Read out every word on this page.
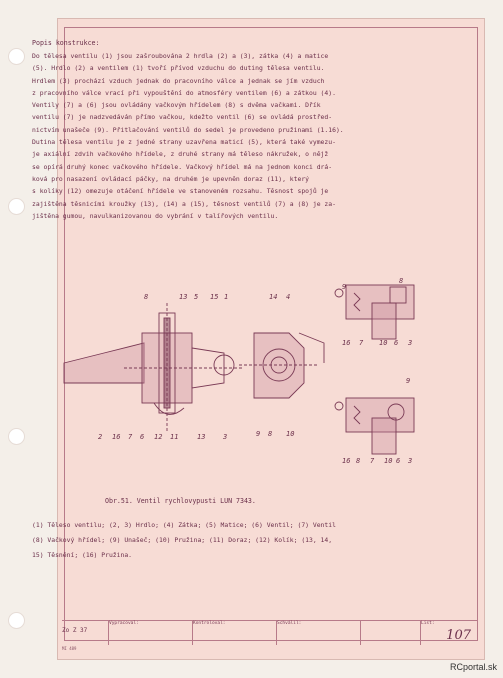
Popis konstrukce:
Do tělesa ventilu (1) jsou zašroubována 2 hrdla (2) a (3), zátka (4) a matice
(5). Hrdlo (2) a ventilem (1) tvoří přívod vzduchu do duting tělesa ventilu.
Hrdlem (3) prochází vzduch jednak do pracovního válce a jednak se jím vzduch
z pracovního válce vrací při vypouštění do atmosféry ventilem (6) a zátkou (4).
Ventily (7) a (6) jsou ovládány vačkovým hřídelem (8) s dvěma vačkami. Dřík
ventilu (7) je nadzvedáván přímo vačkou, kdežto ventil (6) se ovládá prostřed-
nictvím unašeče (9). Přitlačování ventilů do sedel je provedeno pružinami (1.16).
Dutina tělesa ventilu je z jedné strany uzavřena maticí (5), která také vymezu-
je axiální zdvih vačkového hřídele, z druhé strany má těleso nákružek, o nějž
se opírá druhý konec vačkového hřídele. Vačkový hřídel má na jednom konci drá-
ková pro nasazení ovládací páčky, na druhém je upevněn doraz (11), který
s kolíky (12) omezuje otáčení hřídele ve stanoveném rozsahu. Těsnost spojů je
zajištěna těsnicími kroužky (13), (14) a (15), těsnost ventilů (7) a (8) je za-
jištěna gumou, navulkanizovanou do vybrání v talířových ventilu.
8	13 5 15 1	14 4
2 16 7 6 12 11	13	3	9 8 10
9
8
16 7 10 6 3
9
16 8 7 10 6 3
Obr.51. Ventil rychlovypusti LUN 7343.
(1) Těleso ventilu; (2, 3) Hrdlo; (4) Zátka; (5) Matice; (6) Ventil; (7) Ventil
(8) Vačkový hřídel; (9) Unašeč; (10) Pružina; (11) Doraz; (12) Kolík; (13, 14,
15) Těsnění; (16) Pružina.
Zo Z 37
Vypracoval:	Kontroloval:	Schválil:	List:
107
MI 489
RCportal.sk
